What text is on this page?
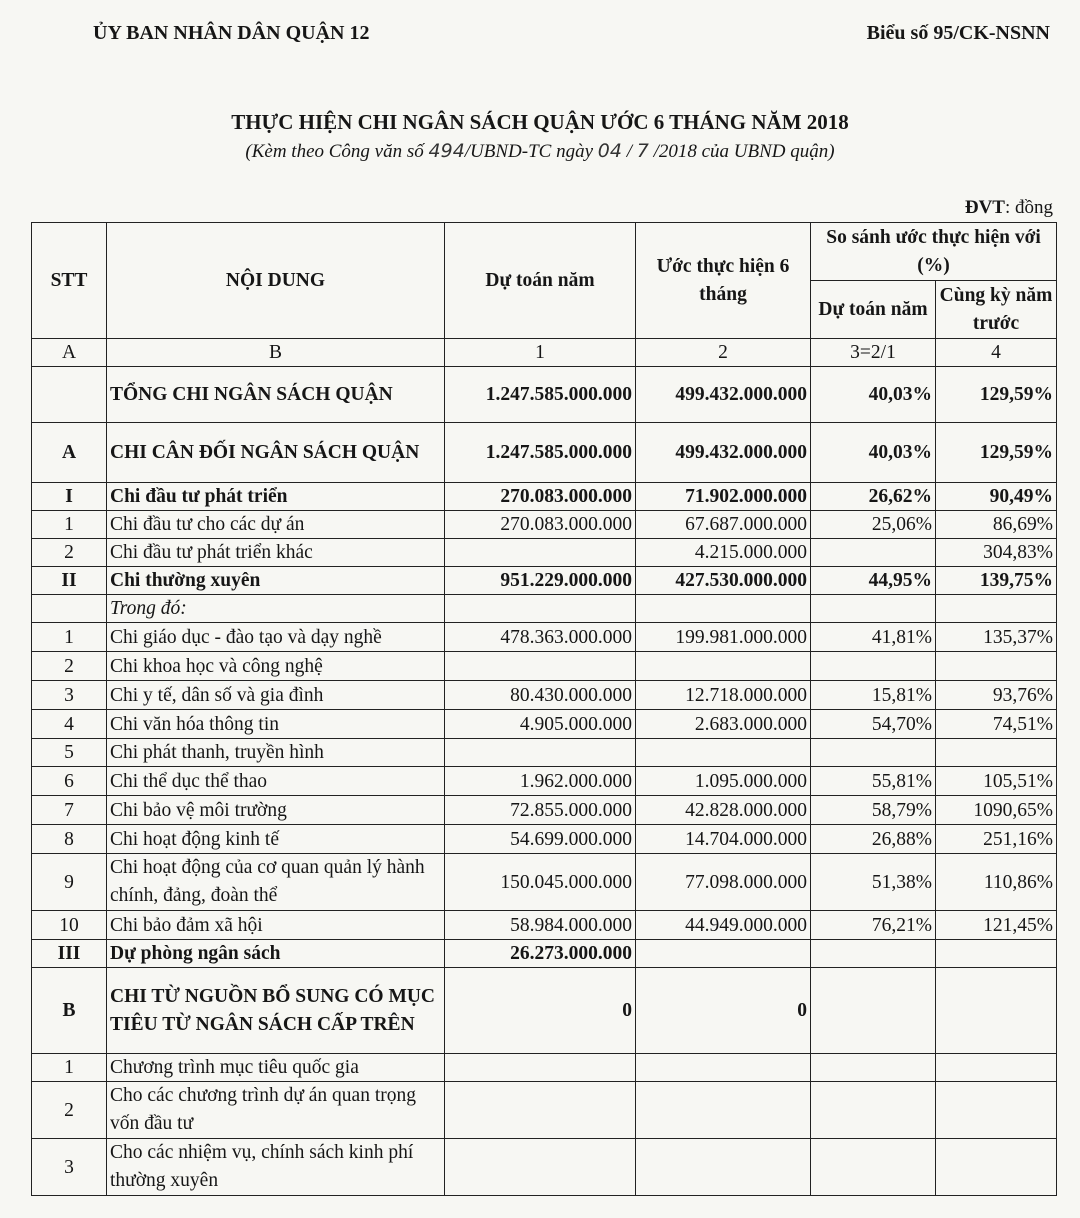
ỦY BAN NHÂN DÂN QUẬN 12	Biểu số 95/CK-NSNN
THỰC HIỆN CHI NGÂN SÁCH QUẬN ƯỚC 6 THÁNG NĂM 2018
(Kèm theo Công văn số 494/UBND-TC ngày 04 / 7 /2018 của UBND quận)
ĐVT: đồng
STT	NỘI DUNG	Dự toán năm	Ước thực hiện 6 tháng	So sánh ước thực hiện với (%)	
				Dự toán năm	Cùng kỳ năm trước
A	B	1	2	3=2/1	4
	TỔNG CHI NGÂN SÁCH QUẬN	1.247.585.000.000	499.432.000.000	40,03%	129,59%
A	CHI CÂN ĐỐI NGÂN SÁCH QUẬN	1.247.585.000.000	499.432.000.000	40,03%	129,59%
I	Chi đầu tư phát triển	270.083.000.000	71.902.000.000	26,62%	90,49%
1	Chi đầu tư cho các dự án	270.083.000.000	67.687.000.000	25,06%	86,69%
2	Chi đầu tư phát triển khác		4.215.000.000		304,83%
II	Chi thường xuyên	951.229.000.000	427.530.000.000	44,95%	139,75%
	Trong đó:				
1	Chi giáo dục - đào tạo và dạy nghề	478.363.000.000	199.981.000.000	41,81%	135,37%
2	Chi khoa học và công nghệ				
3	Chi y tế, dân số và gia đình	80.430.000.000	12.718.000.000	15,81%	93,76%
4	Chi văn hóa thông tin	4.905.000.000	2.683.000.000	54,70%	74,51%
5	Chi phát thanh, truyền hình				
6	Chi thể dục thể thao	1.962.000.000	1.095.000.000	55,81%	105,51%
7	Chi bảo vệ môi trường	72.855.000.000	42.828.000.000	58,79%	1090,65%
8	Chi hoạt động kinh tế	54.699.000.000	14.704.000.000	26,88%	251,16%
9	Chi hoạt động của cơ quan quản lý hành chính, đảng, đoàn thể	150.045.000.000	77.098.000.000	51,38%	110,86%
10	Chi bảo đảm xã hội	58.984.000.000	44.949.000.000	76,21%	121,45%
III	Dự phòng ngân sách	26.273.000.000			
B	CHI TỪ NGUỒN BỔ SUNG CÓ MỤC TIÊU TỪ NGÂN SÁCH CẤP TRÊN	0	0		
1	Chương trình mục tiêu quốc gia				
2	Cho các chương trình dự án quan trọng vốn đầu tư				
3	Cho các nhiệm vụ, chính sách kinh phí thường xuyên				
